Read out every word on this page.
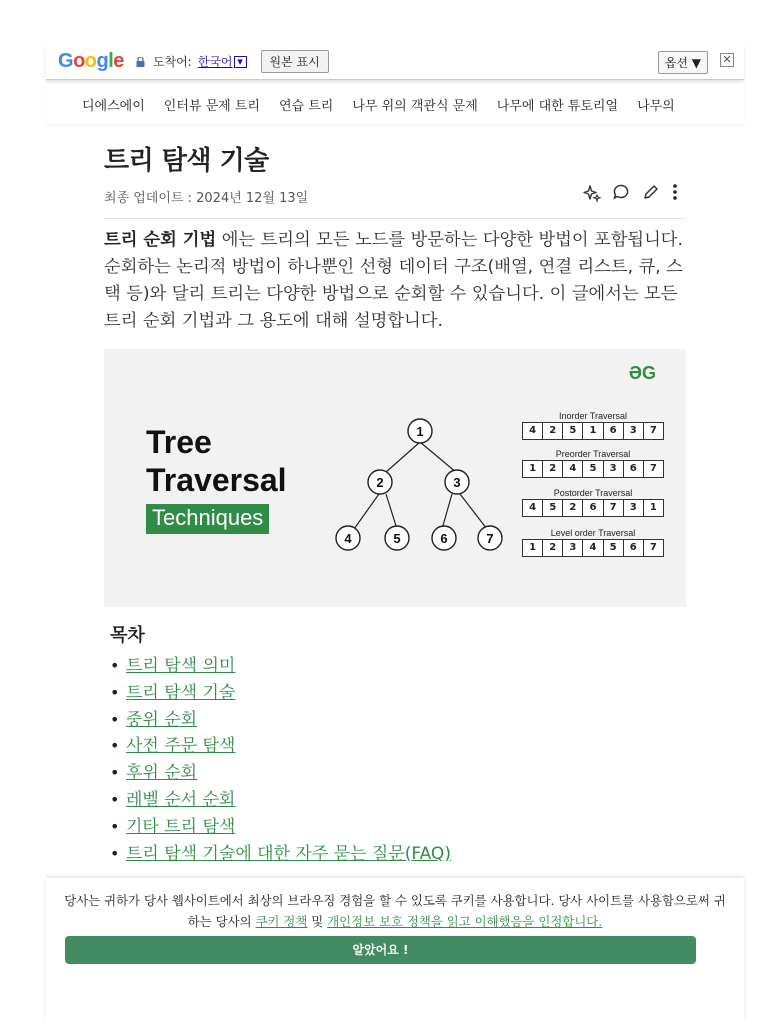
Google 도착어: 한국어 ▼	원본 표시	옵션 ▼	✕
디에스에이 인터뷰 문제 트리 연습 트리 나무 위의 객관식 문제 나무에 대한 튜토리얼 나무의
트리 탐색 기술
최종 업데이트 : 2024년 12월 13일

트리 순회 기법 에는 트리의 모든 노드를 방문하는 다양한 방법이 포함됩니다. 순회하는 논리적 방법이 하나뿐인 선형 데이터 구조(배열, 연결 리스트, 큐, 스택 등)와 달리 트리는 다양한 방법으로 순회할 수 있습니다. 이 글에서는 모든 트리 순회 기법과 그 용도에 대해 설명합니다.

ƏG
Tree
Traversal
Techniques
1
2	3
4	5	6	7
Inorder Traversal
4	2	5	1	6	3	7
Preorder Traversal
1	2	4	5	3	6	7
Postorder Traversal
4	5	2	6	7	3	1
Level order Traversal
1	2	3	4	5	6	7
목차
• 트리 탐색 의미
• 트리 탐색 기술
• 중위 순회
• 사전 주문 탐색
• 후위 순회
• 레벨 순서 순회
• 기타 트리 탐색
• 트리 탐색 기술에 대한 자주 묻는 질문(FAQ)

당사는 귀하가 당사 웹사이트에서 최상의 브라우징 경험을 할 수 있도록 쿠키를 사용합니다. 당사 사이트를 사용함으로써 귀하는 당사의 쿠키 정책 및 개인정보 보호 정책을 읽고 이해했음을 인정합니다.

알았어요 !
